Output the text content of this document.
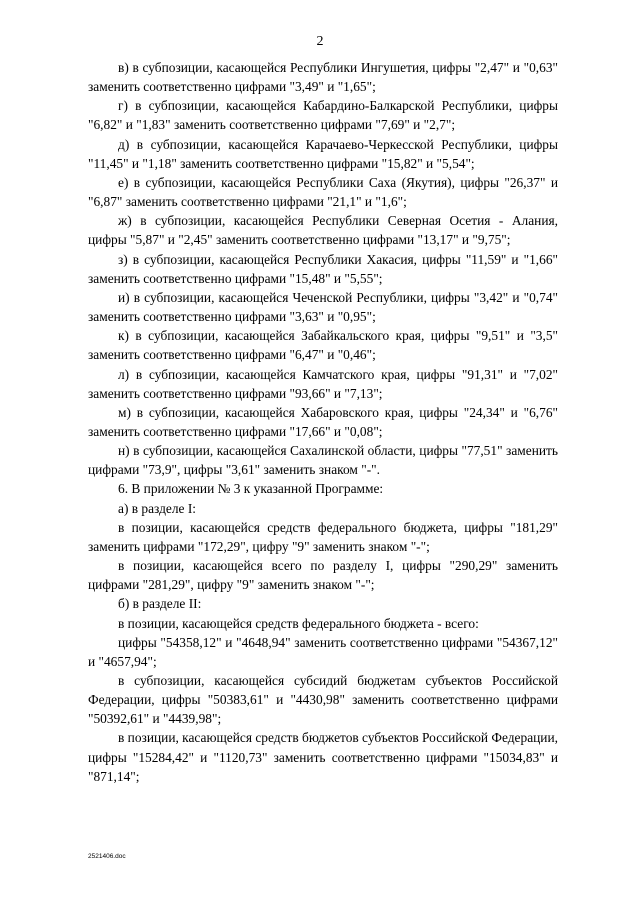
2

в) в субпозиции, касающейся Республики Ингушетия, цифры "2,47" и "0,63" заменить соответственно цифрами "3,49" и "1,65";

г) в субпозиции, касающейся Кабардино-Балкарской Республики, цифры "6,82" и "1,83" заменить соответственно цифрами "7,69" и "2,7";

д) в субпозиции, касающейся Карачаево-Черкесской Республики, цифры "11,45" и "1,18" заменить соответственно цифрами "15,82" и "5,54";

е) в субпозиции, касающейся Республики Саха (Якутия), цифры "26,37" и "6,87" заменить соответственно цифрами "21,1" и "1,6";

ж) в субпозиции, касающейся Республики Северная Осетия - Алания, цифры "5,87" и "2,45" заменить соответственно цифрами "13,17" и "9,75";

з) в субпозиции, касающейся Республики Хакасия, цифры "11,59" и "1,66" заменить соответственно цифрами "15,48" и "5,55";

и) в субпозиции, касающейся Чеченской Республики, цифры "3,42" и "0,74" заменить соответственно цифрами "3,63" и "0,95";

к) в субпозиции, касающейся Забайкальского края, цифры "9,51" и "3,5" заменить соответственно цифрами "6,47" и "0,46";

л) в субпозиции, касающейся Камчатского края, цифры "91,31" и "7,02" заменить соответственно цифрами "93,66" и "7,13";

м) в субпозиции, касающейся Хабаровского края, цифры "24,34" и "6,76" заменить соответственно цифрами "17,66" и "0,08";

н) в субпозиции, касающейся Сахалинской области, цифры "77,51" заменить цифрами "73,9", цифры "3,61" заменить знаком "-".

6. В приложении № 3 к указанной Программе:

а) в разделе I:

в позиции, касающейся средств федерального бюджета, цифры "181,29" заменить цифрами "172,29", цифру "9" заменить знаком "-";

в позиции, касающейся всего по разделу I, цифры "290,29" заменить цифрами "281,29", цифру "9" заменить знаком "-";

б) в разделе II:

в позиции, касающейся средств федерального бюджета - всего:

цифры "54358,12" и "4648,94" заменить соответственно цифрами "54367,12" и "4657,94";

в субпозиции, касающейся субсидий бюджетам субъектов Российской Федерации, цифры "50383,61" и "4430,98" заменить соответственно цифрами "50392,61" и "4439,98";

в позиции, касающейся средств бюджетов субъектов Российской Федерации, цифры "15284,42" и "1120,73" заменить соответственно цифрами "15034,83" и "871,14";

2521406.doc
